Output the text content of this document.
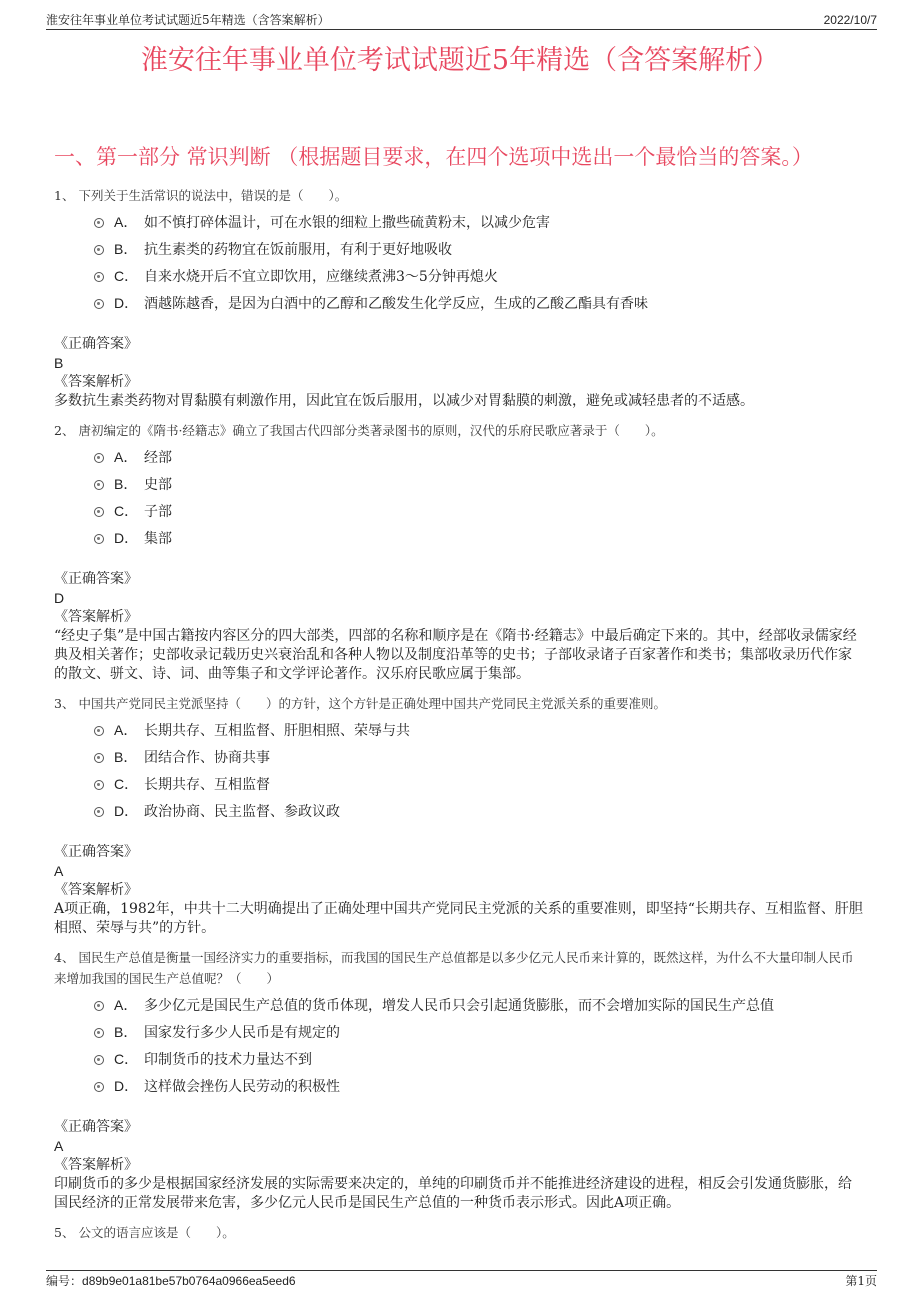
淮安往年事业单位考试试题近5年精选（含答案解析）	2022/10/7
淮安往年事业单位考试试题近5年精选（含答案解析）
一、第一部分 常识判断 （根据题目要求，在四个选项中选出一个最恰当的答案。）
1、 下列关于生活常识的说法中，错误的是（　　）。
A． 如不慎打碎体温计，可在水银的细粒上撒些硫黄粉末，以减少危害
B． 抗生素类的药物宜在饭前服用，有利于更好地吸收
C． 自来水烧开后不宜立即饮用，应继续煮沸3～5分钟再熄火
D． 酒越陈越香，是因为白酒中的乙醇和乙酸发生化学反应，生成的乙酸乙酯具有香味
《正确答案》
B
《答案解析》
多数抗生素类药物对胃黏膜有刺激作用，因此宜在饭后服用，以减少对胃黏膜的刺激，避免或减轻患者的不适感。
2、 唐初编定的《隋书·经籍志》确立了我国古代四部分类著录图书的原则，汉代的乐府民歌应著录于（　　）。
A． 经部
B． 史部
C． 子部
D． 集部
《正确答案》
D
《答案解析》
“经史子集”是中国古籍按内容区分的四大部类，四部的名称和顺序是在《隋书·经籍志》中最后确定下来的。其中，经部收录儒家经典及相关著作；史部收录记载历史兴衰治乱和各种人物以及制度沿革等的史书；子部收录诸子百家著作和类书；集部收录历代作家的散文、骈文、诗、词、曲等集子和文学评论著作。汉乐府民歌应属于集部。
3、 中国共产党同民主党派坚持（　　）的方针，这个方针是正确处理中国共产党同民主党派关系的重要准则。
A． 长期共存、互相监督、肝胆相照、荣辱与共
B． 团结合作、协商共事
C． 长期共存、互相监督
D． 政治协商、民主监督、参政议政
《正确答案》
A
《答案解析》
A项正确，1982年，中共十二大明确提出了正确处理中国共产党同民主党派的关系的重要准则，即坚持“长期共存、互相监督、肝胆相照、荣辱与共”的方针。
4、 国民生产总值是衡量一国经济实力的重要指标，而我国的国民生产总值都是以多少亿元人民币来计算的，既然这样，为什么不大量印制人民币来增加我国的国民生产总值呢？（　　）
A． 多少亿元是国民生产总值的货币体现，增发人民币只会引起通货膨胀，而不会增加实际的国民生产总值
B． 国家发行多少人民币是有规定的
C． 印制货币的技术力量达不到
D． 这样做会挫伤人民劳动的积极性
《正确答案》
A
《答案解析》
印刷货币的多少是根据国家经济发展的实际需要来决定的，单纯的印刷货币并不能推进经济建设的进程，相反会引发通货膨胀，给国民经济的正常发展带来危害，多少亿元人民币是国民生产总值的一种货币表示形式。因此A项正确。
5、 公文的语言应该是（　　）。
编号：d89b9e01a81be57b0764a0966ea5eed6	第1页
